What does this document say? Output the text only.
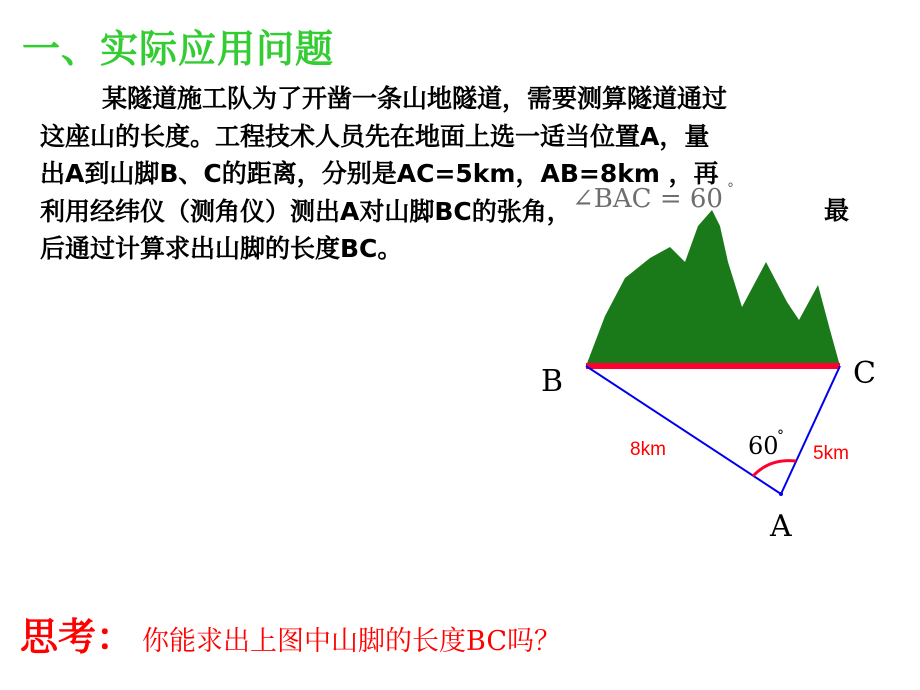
一、实际应用问题
某隧道施工队为了开凿一条山地隧道，需要测算隧道通过
这座山的长度。工程技术人员先在地面上选一适当位置A，量
出A到山脚B、C的距离，分别是AC=5km，AB=8km ，再
利用经纬仪（测角仪）测出A对山脚BC的张角，
后通过计算求出山脚的长度BC。
∠BAC = 60 °
最
B	C
A
8km	5km
60
°
思考： 你能求出上图中山脚的长度BC吗？
